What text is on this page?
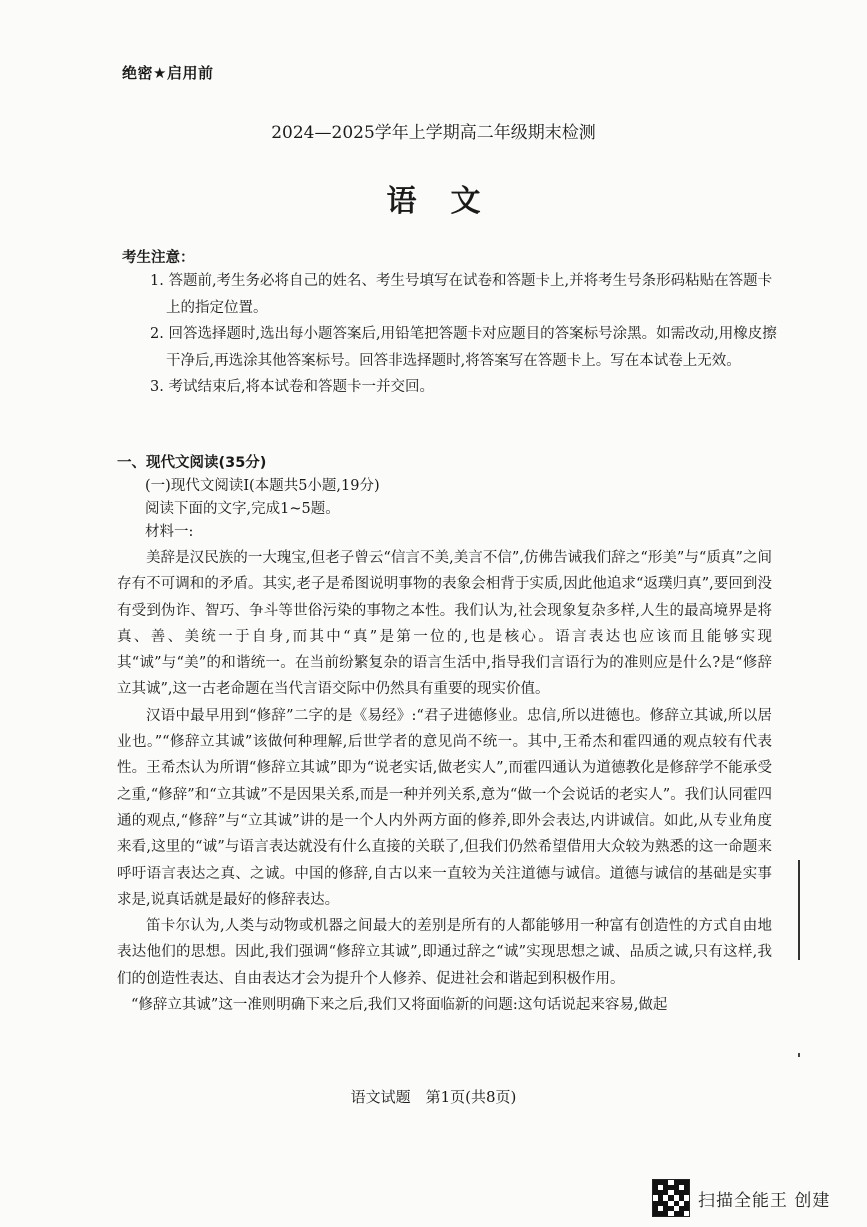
绝密★启用前
2024—2025学年上学期高二年级期末检测
语文
考生注意：
1. 答题前,考生务必将自己的姓名、考生号填写在试卷和答题卡上,并将考生号条形码粘贴在答题卡上的指定位置。
2. 回答选择题时,选出每小题答案后,用铅笔把答题卡对应题目的答案标号涂黑。如需改动,用橡皮擦干净后,再选涂其他答案标号。回答非选择题时,将答案写在答题卡上。写在本试卷上无效。
3. 考试结束后,将本试卷和答题卡一并交回。
一、现代文阅读(35分)
(一)现代文阅读Ⅰ(本题共5小题,19分)
阅读下面的文字,完成1~5题。
材料一:

美辞是汉民族的一大瑰宝,但老子曾云“信言不美,美言不信”,仿佛告诫我们辞之“形美”与“质真”之间存有不可调和的矛盾。其实,老子是希图说明事物的表象会相背于实质,因此他追求“返璞归真”,要回到没有受到伪诈、智巧、争斗等世俗污染的事物之本性。我们认为,社会现象复杂多样,人生的最高境界是将真、善、美统一于自身,而其中“真”是第一位的,也是核心。语言表达也应该而且能够实现其“诚”与“美”的和谐统一。在当前纷繁复杂的语言生活中,指导我们言语行为的准则应是什么?是“修辞立其诚”,这一古老命题在当代言语交际中仍然具有重要的现实价值。

汉语中最早用到“修辞”二字的是《易经》:“君子进德修业。忠信,所以进德也。修辞立其诚,所以居业也。”“修辞立其诚”该做何种理解,后世学者的意见尚不统一。其中,王希杰和霍四通的观点较有代表性。王希杰认为所谓“修辞立其诚”即为“说老实话,做老实人”,而霍四通认为道德教化是修辞学不能承受之重,“修辞”和“立其诚”不是因果关系,而是一种并列关系,意为“做一个会说话的老实人”。我们认同霍四通的观点,“修辞”与“立其诚”讲的是一个人内外两方面的修养,即外会表达,内讲诚信。如此,从专业角度来看,这里的“诚”与语言表达就没有什么直接的关联了,但我们仍然希望借用大众较为熟悉的这一命题来呼吁语言表达之真、之诚。中国的修辞,自古以来一直较为关注道德与诚信。道德与诚信的基础是实事求是,说真话就是最好的修辞表达。

笛卡尔认为,人类与动物或机器之间最大的差别是所有的人都能够用一种富有创造性的方式自由地表达他们的思想。因此,我们强调“修辞立其诚”,即通过辞之“诚”实现思想之诚、品质之诚,只有这样,我们的创造性表达、自由表达才会为提升个人修养、促进社会和谐起到积极作用。

“修辞立其诚”这一准则明确下来之后,我们又将面临新的问题:这句话说起来容易,做起

语文试题　第1页(共8页)
扫描全能王 创建
